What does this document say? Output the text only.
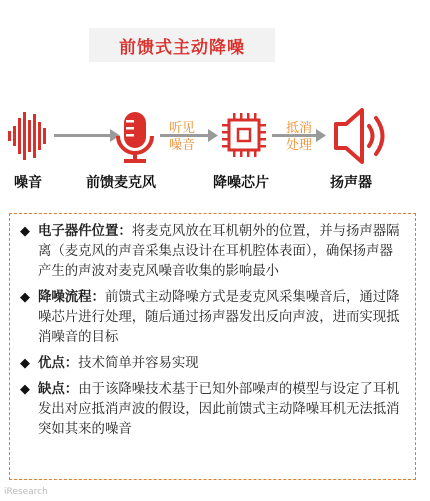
前馈式主动降噪
听见
噪音
抵消
处理
噪音	前馈麦克风	降噪芯片	扬声器
◆ 电子器件位置：将麦克风放在耳机朝外的位置，并与扬声器隔离（麦克风的声音采集点设计在耳机腔体表面），确保扬声器产生的声波对麦克风噪音收集的影响最小
◆ 降噪流程：前馈式主动降噪方式是麦克风采集噪音后，通过降噪芯片进行处理，随后通过扬声器发出反向声波，进而实现抵消噪音的目标
◆ 优点：技术简单并容易实现
◆ 缺点：由于该降噪技术基于已知外部噪声的模型与设定了耳机发出对应抵消声波的假设，因此前馈式主动降噪耳机无法抵消突如其来的噪音
iResearch
